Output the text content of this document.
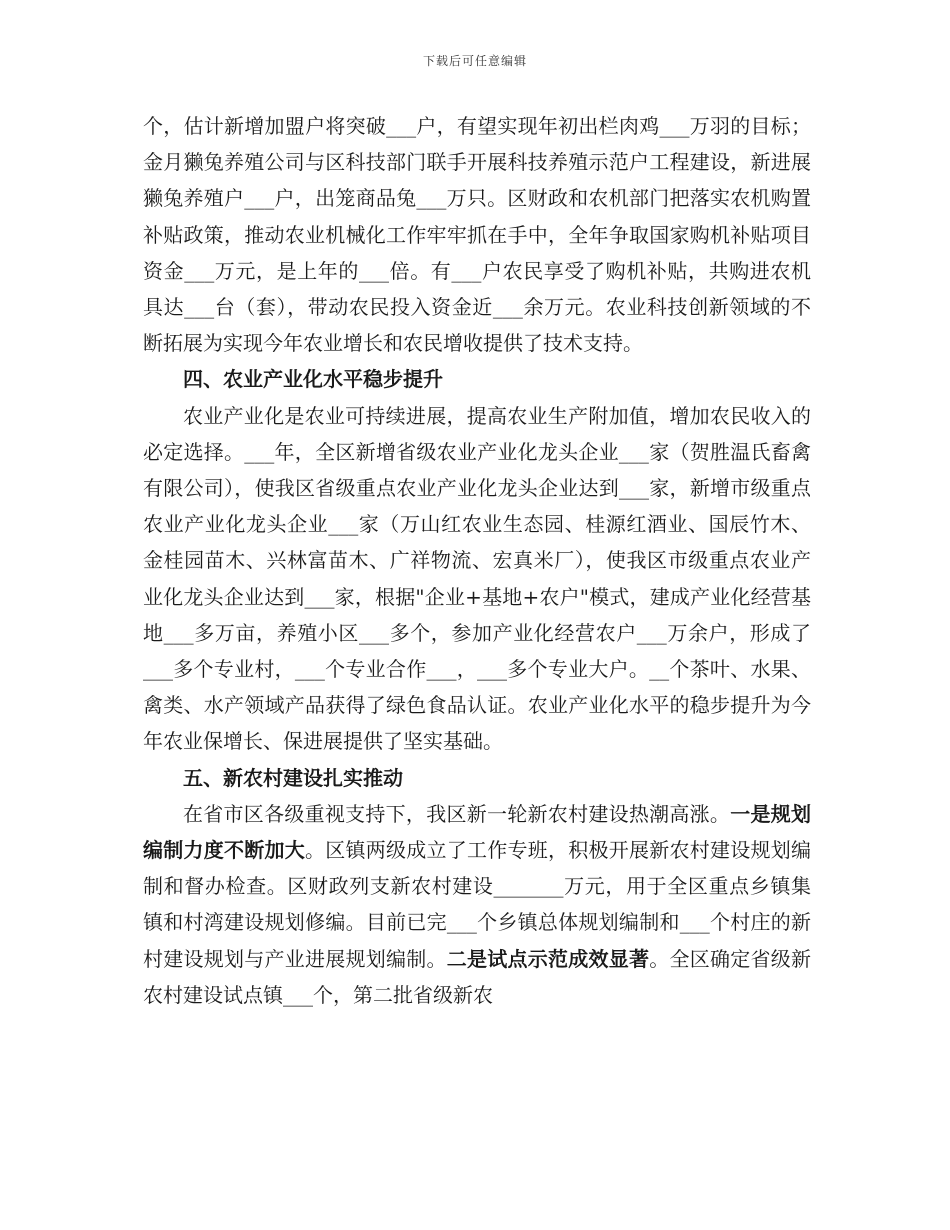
下载后可任意编辑

个，估计新增加盟户将突破___户，有望实现年初出栏肉鸡___万羽的目标；金月獭兔养殖公司与区科技部门联手开展科技养殖示范户工程建设，新进展獭兔养殖户___户，出笼商品兔___万只。区财政和农机部门把落实农机购置补贴政策，推动农业机械化工作牢牢抓在手中，全年争取国家购机补贴项目资金___万元，是上年的___倍。有___户农民享受了购机补贴，共购进农机具达___台（套），带动农民投入资金近___余万元。农业科技创新领域的不断拓展为实现今年农业增长和农民增收提供了技术支持。

四、农业产业化水平稳步提升

农业产业化是农业可持续进展，提高农业生产附加值，增加农民收入的必定选择。___年，全区新增省级农业产业化龙头企业___家（贺胜温氏畜禽有限公司），使我区省级重点农业产业化龙头企业达到___家，新增市级重点农业产业化龙头企业___家（万山红农业生态园、桂源红酒业、国辰竹木、金桂园苗木、兴林富苗木、广祥物流、宏真米厂），使我区市级重点农业产业化龙头企业达到___家，根据"企业+基地+农户"模式，建成产业化经营基地___多万亩，养殖小区___多个，参加产业化经营农户___万余户，形成了___多个专业村，___个专业合作___，___多个专业大户。__个茶叶、水果、禽类、水产领域产品获得了绿色食品认证。农业产业化水平的稳步提升为今年农业保增长、保进展提供了坚实基础。

五、新农村建设扎实推动

在省市区各级重视支持下，我区新一轮新农村建设热潮高涨。一是规划编制力度不断加大。区镇两级成立了工作专班，积极开展新农村建设规划编制和督办检查。区财政列支新农村建设_______万元，用于全区重点乡镇集镇和村湾建设规划修编。目前已完___个乡镇总体规划编制和___个村庄的新村建设规划与产业进展规划编制。二是试点示范成效显著。全区确定省级新农村建设试点镇___个，第二批省级新农
